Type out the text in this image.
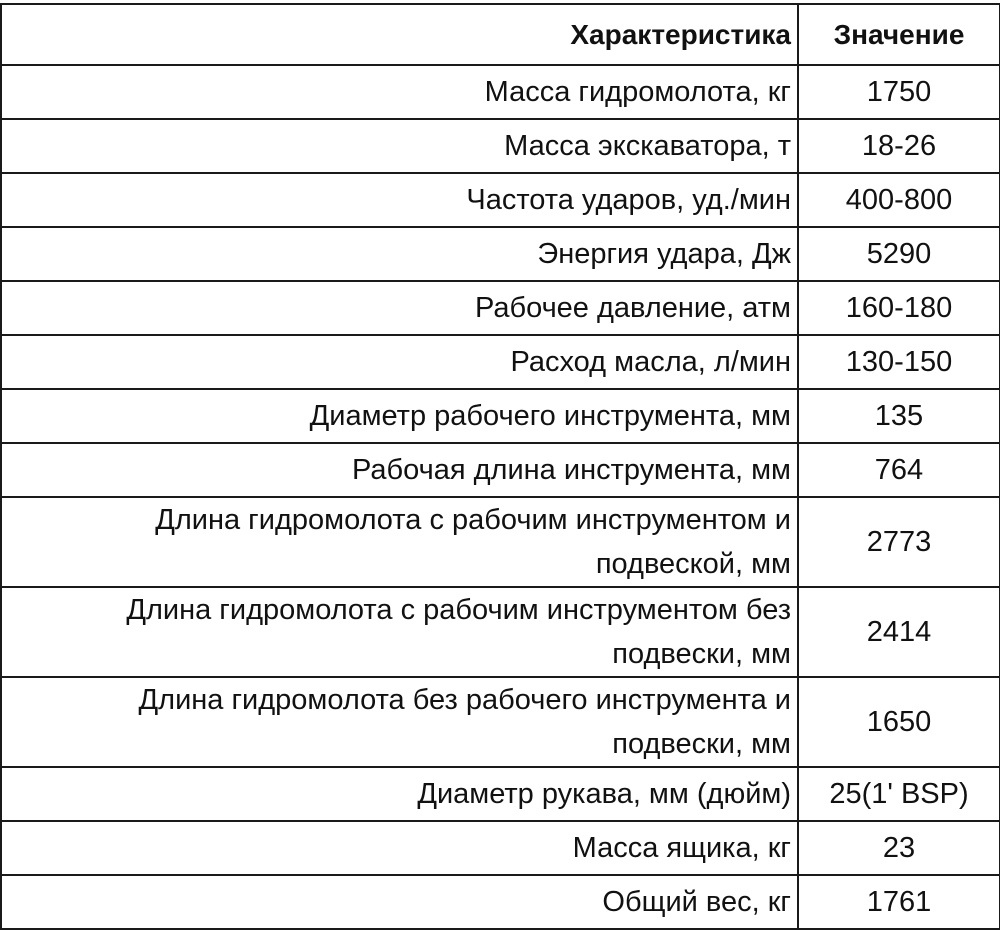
Характеристика	Значение
Масса гидромолота, кг	1750
Масса экскаватора, т	18-26
Частота ударов, уд./мин	400-800
Энергия удара, Дж	5290
Рабочее давление, атм	160-180
Расход масла, л/мин	130-150
Диаметр рабочего инструмента, мм	135
Рабочая длина инструмента, мм	764
Длина гидромолота с рабочим инструментом и подвеской, мм	2773
Длина гидромолота с рабочим инструментом без подвески, мм	2414
Длина гидромолота без рабочего инструмента и подвески, мм	1650
Диаметр рукава, мм (дюйм)	25(1' BSP)
Масса ящика, кг	23
Общий вес, кг	1761
